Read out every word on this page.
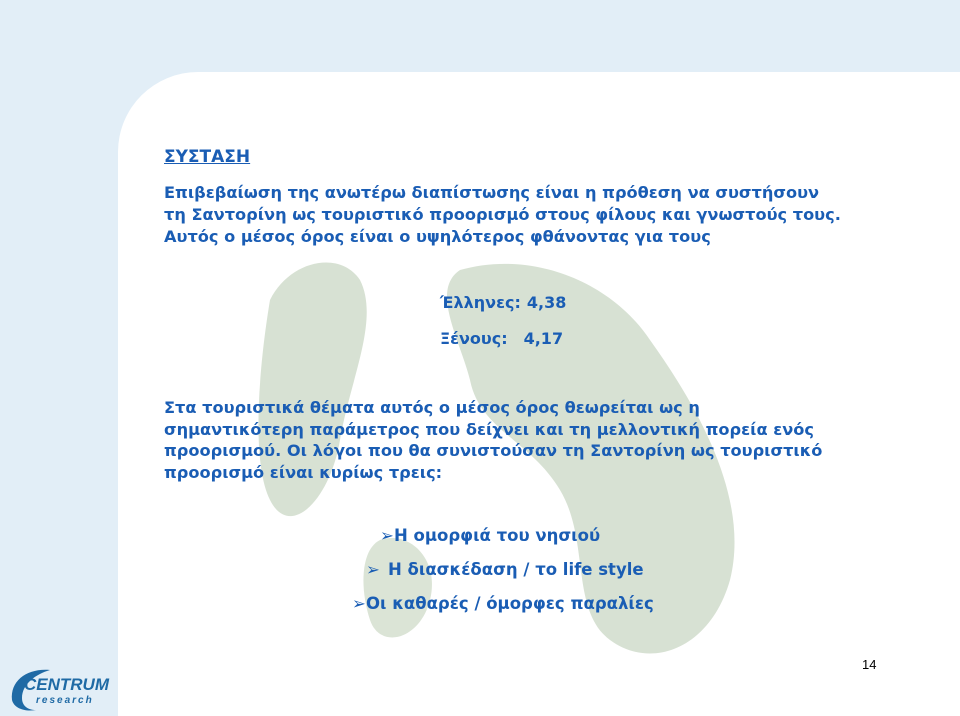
ΣΥΣΤΑΣΗ
Επιβεβαίωση της ανωτέρω διαπίστωσης είναι η πρόθεση να συστήσουν
τη Σαντορίνη ως τουριστικό προορισμό στους φίλους και γνωστούς τους.
Αυτός ο μέσος όρος είναι ο υψηλότερος φθάνοντας για τους
Έλληνες: 4,38
Ξένους: 4,17
Στα τουριστικά θέματα αυτός ο μέσος όρος θεωρείται ως η
σημαντικότερη παράμετρος που δείχνει και τη μελλοντική πορεία ενός
προορισμού. Οι λόγοι που θα συνιστούσαν τη Σαντορίνη ως τουριστικό
προορισμό είναι κυρίως τρεις:
➢Η ομορφιά του νησιού
➢ Η διασκέδαση / το life style
➢Οι καθαρές / όμορφες παραλίες
14
CENTRUM
research
